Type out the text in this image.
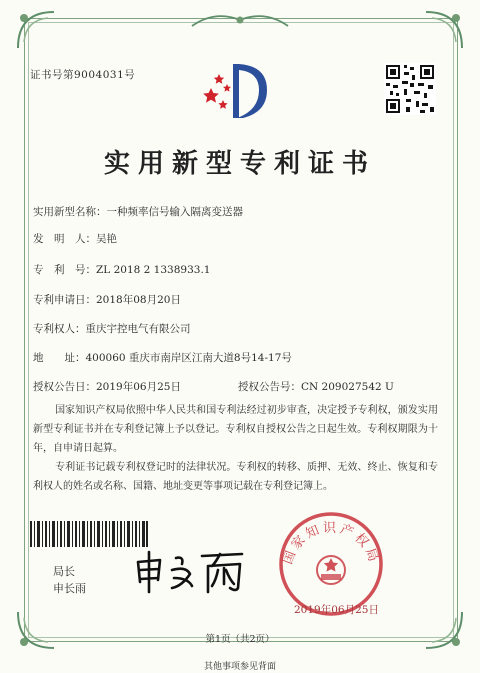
证书号第9004031号
实用新型专利证书
实用新型名称：一种频率信号输入隔离变送器
发　明　人：吴艳
专　利　号：ZL 2018 2 1338933.1
专利申请日：2018年08月20日
专利权人：重庆宇控电气有限公司
地　　址：400060 重庆市南岸区江南大道8号14-17号
授权公告日：2019年06月25日	授权公告号：CN 209027542 U
国家知识产权局依照中华人民共和国专利法经过初步审查，决定授予专利权，颁发实用新型专利证书并在专利登记簿上予以登记。专利权自授权公告之日起生效。专利权期限为十年，自申请日起算。
专利证书记载专利权登记时的法律状况。专利权的转移、质押、无效、终止、恢复和专利权人的姓名或名称、国籍、地址变更等事项记载在专利登记簿上。
局长
申长雨
国家知识产权局
2019年06月25日
第1页（共2页）
其他事项参见背面
